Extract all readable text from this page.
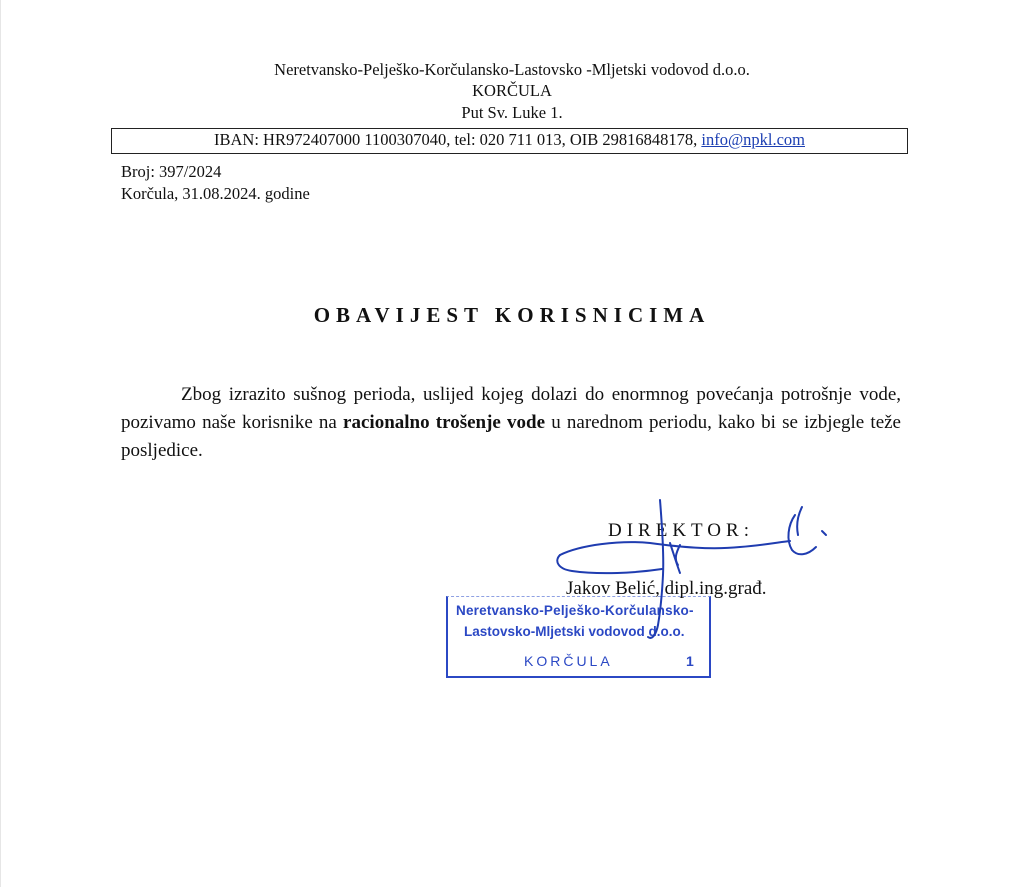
Neretvansko-Pelješko-Korčulansko-Lastovsko -Mljetski vodovod d.o.o.
KORČULA
Put Sv. Luke 1.
IBAN: HR972407000 1100307040, tel: 020 711 013, OIB 29816848178, info@npkl.com
Broj: 397/2024
Korčula, 31.08.2024. godine
OBAVIJEST KORISNICIMA
Zbog izrazito sušnog perioda, uslijed kojeg dolazi do enormnog povećanja potrošnje vode, pozivamo naše korisnike na racionalno trošenje vode u narednom periodu, kako bi se izbjegle teže posljedice.
Neretvansko-Pelješko-Korčulansko-
Lastovsko-Mljetski vodovod d.o.o.
KORČULA	1
DIREKTOR:
Jakov Belić, dipl.ing.građ.
